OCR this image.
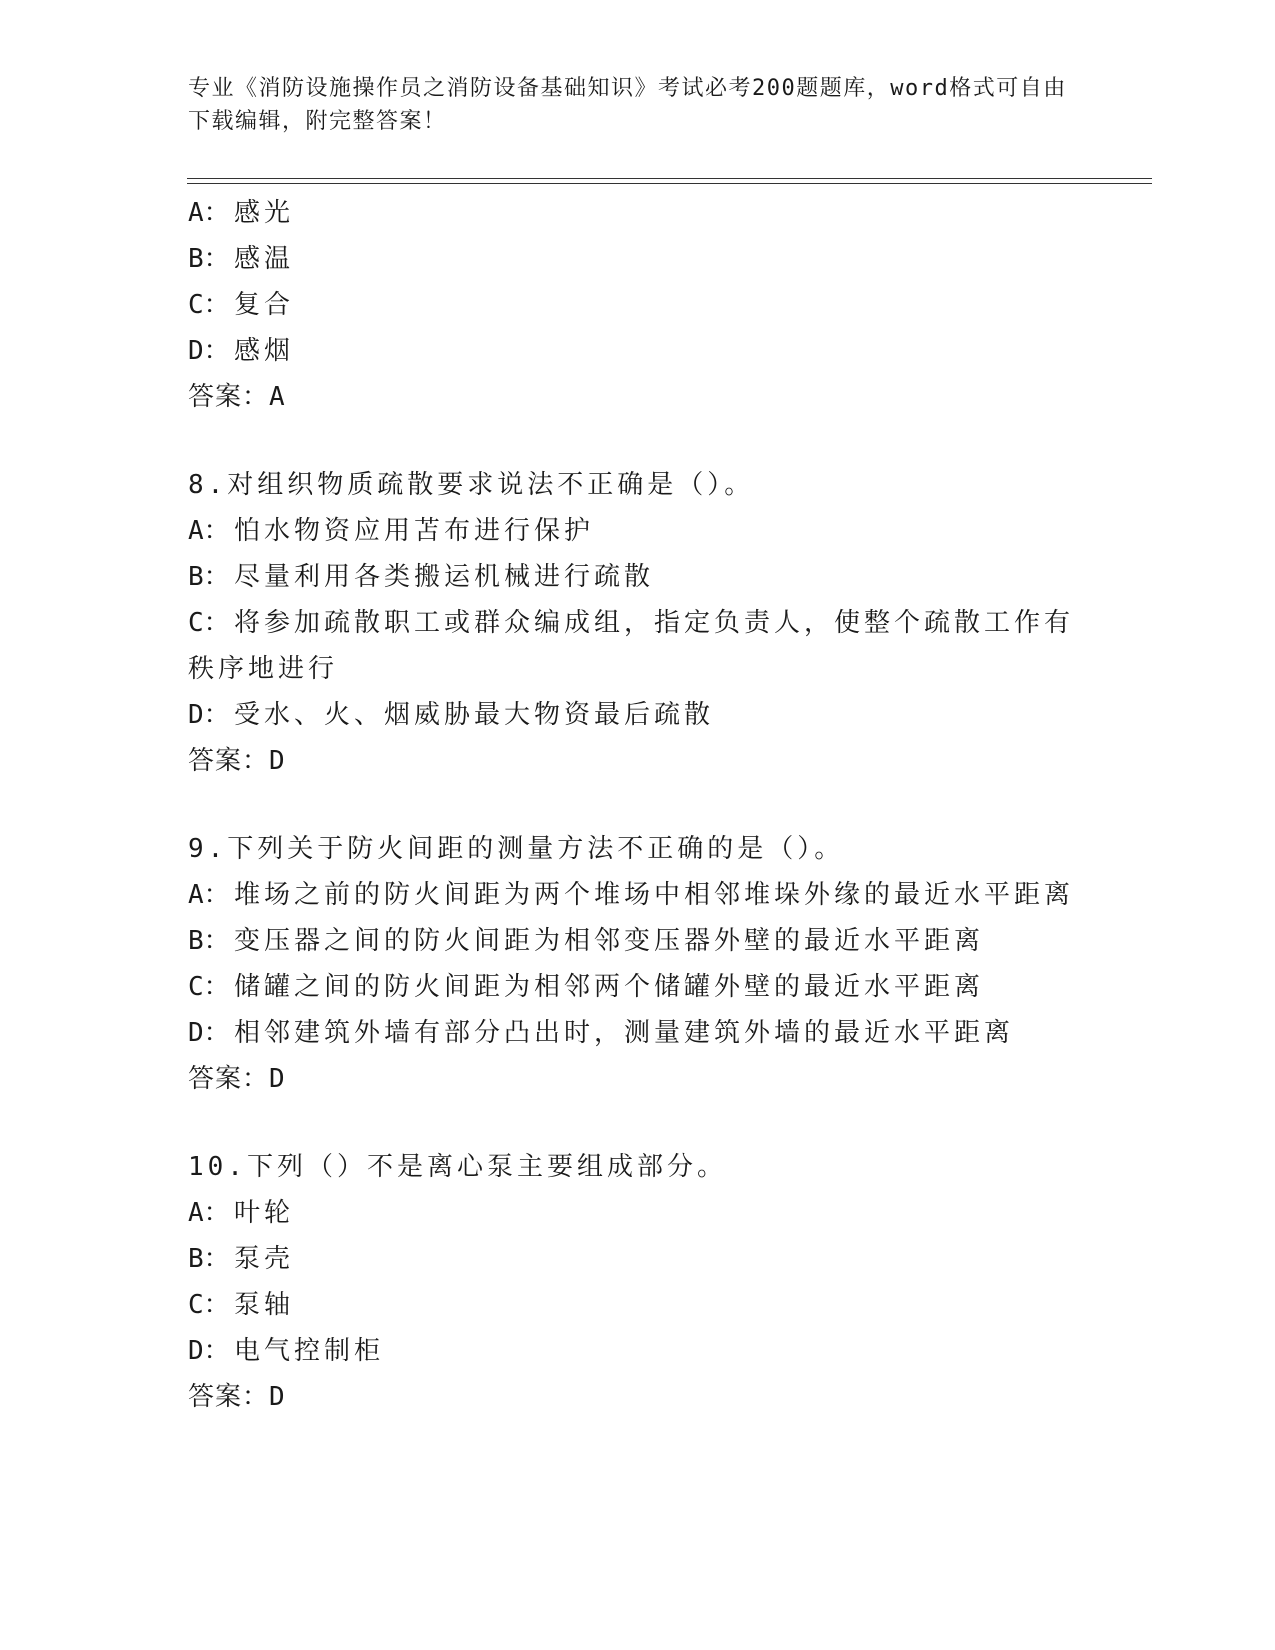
专业《消防设施操作员之消防设备基础知识》考试必考200题题库，word格式可自由下载编辑，附完整答案！
A： 感光
B： 感温
C： 复合
D： 感烟
答案：A
8.对组织物质疏散要求说法不正确是（）。
A： 怕水物资应用苫布进行保护
B： 尽量利用各类搬运机械进行疏散
C： 将参加疏散职工或群众编成组，指定负责人，使整个疏散工作有秩序地进行
D： 受水、火、烟威胁最大物资最后疏散
答案：D
9.下列关于防火间距的测量方法不正确的是（）。
A： 堆场之前的防火间距为两个堆场中相邻堆垛外缘的最近水平距离
B： 变压器之间的防火间距为相邻变压器外壁的最近水平距离
C： 储罐之间的防火间距为相邻两个储罐外壁的最近水平距离
D： 相邻建筑外墙有部分凸出时，测量建筑外墙的最近水平距离
答案：D
10.下列（）不是离心泵主要组成部分。
A： 叶轮
B： 泵壳
C： 泵轴
D： 电气控制柜
答案：D
